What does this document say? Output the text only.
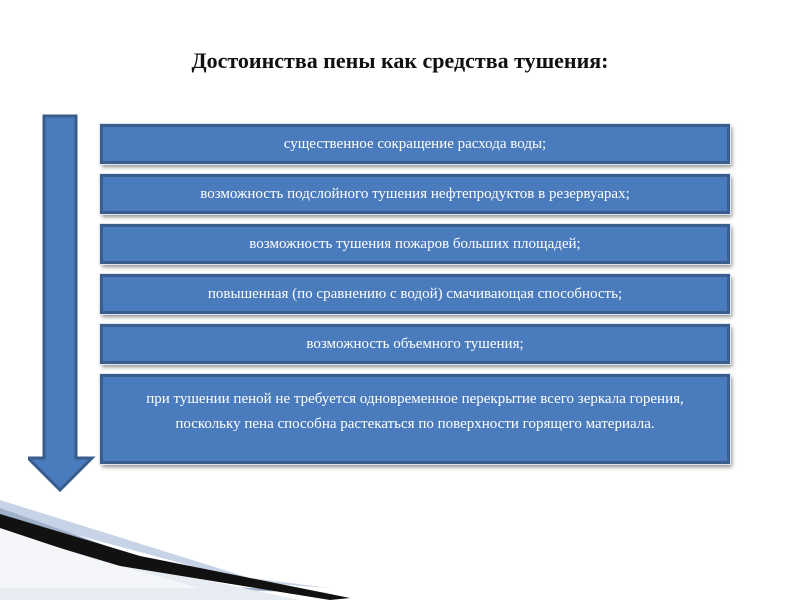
Достоинства пены как средства тушения:
существенное сокращение расхода воды;
возможность подслойного тушения нефтепродуктов в резервуарах;
возможность тушения пожаров больших площадей;
повышенная (по сравнению с водой) смачивающая способность;
возможность объемного тушения;
при тушении пеной не требуется одновременное перекрытие всего зеркала горения, поскольку пена способна растекаться по поверхности горящего материала.
